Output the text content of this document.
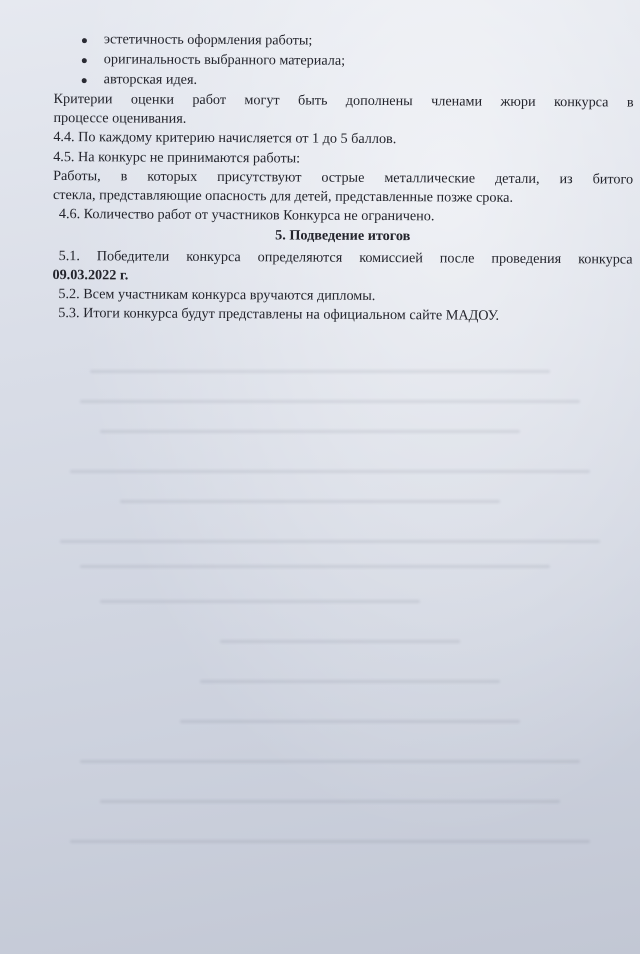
эстетичность оформления работы;
оригинальность выбранного материала;
авторская идея.

Критерии оценки работ могут быть дополнены членами жюри конкурса в

процессе оценивания.

4.4. По каждому критерию начисляется от 1 до 5 баллов.

4.5. На конкурс не принимаются работы:

Работы, в которых присутствуют острые металлические детали, из битого

стекла, представляющие опасность для детей, представленные позже срока.

4.6. Количество работ от участников Конкурса не ограничено.

5. Подведение итогов

5.1. Победители конкурса определяются комиссией после проведения конкурса

09.03.2022 г.

5.2. Всем участникам конкурса вручаются дипломы.

5.3. Итоги конкурса будут представлены на официальном сайте МАДОУ.
